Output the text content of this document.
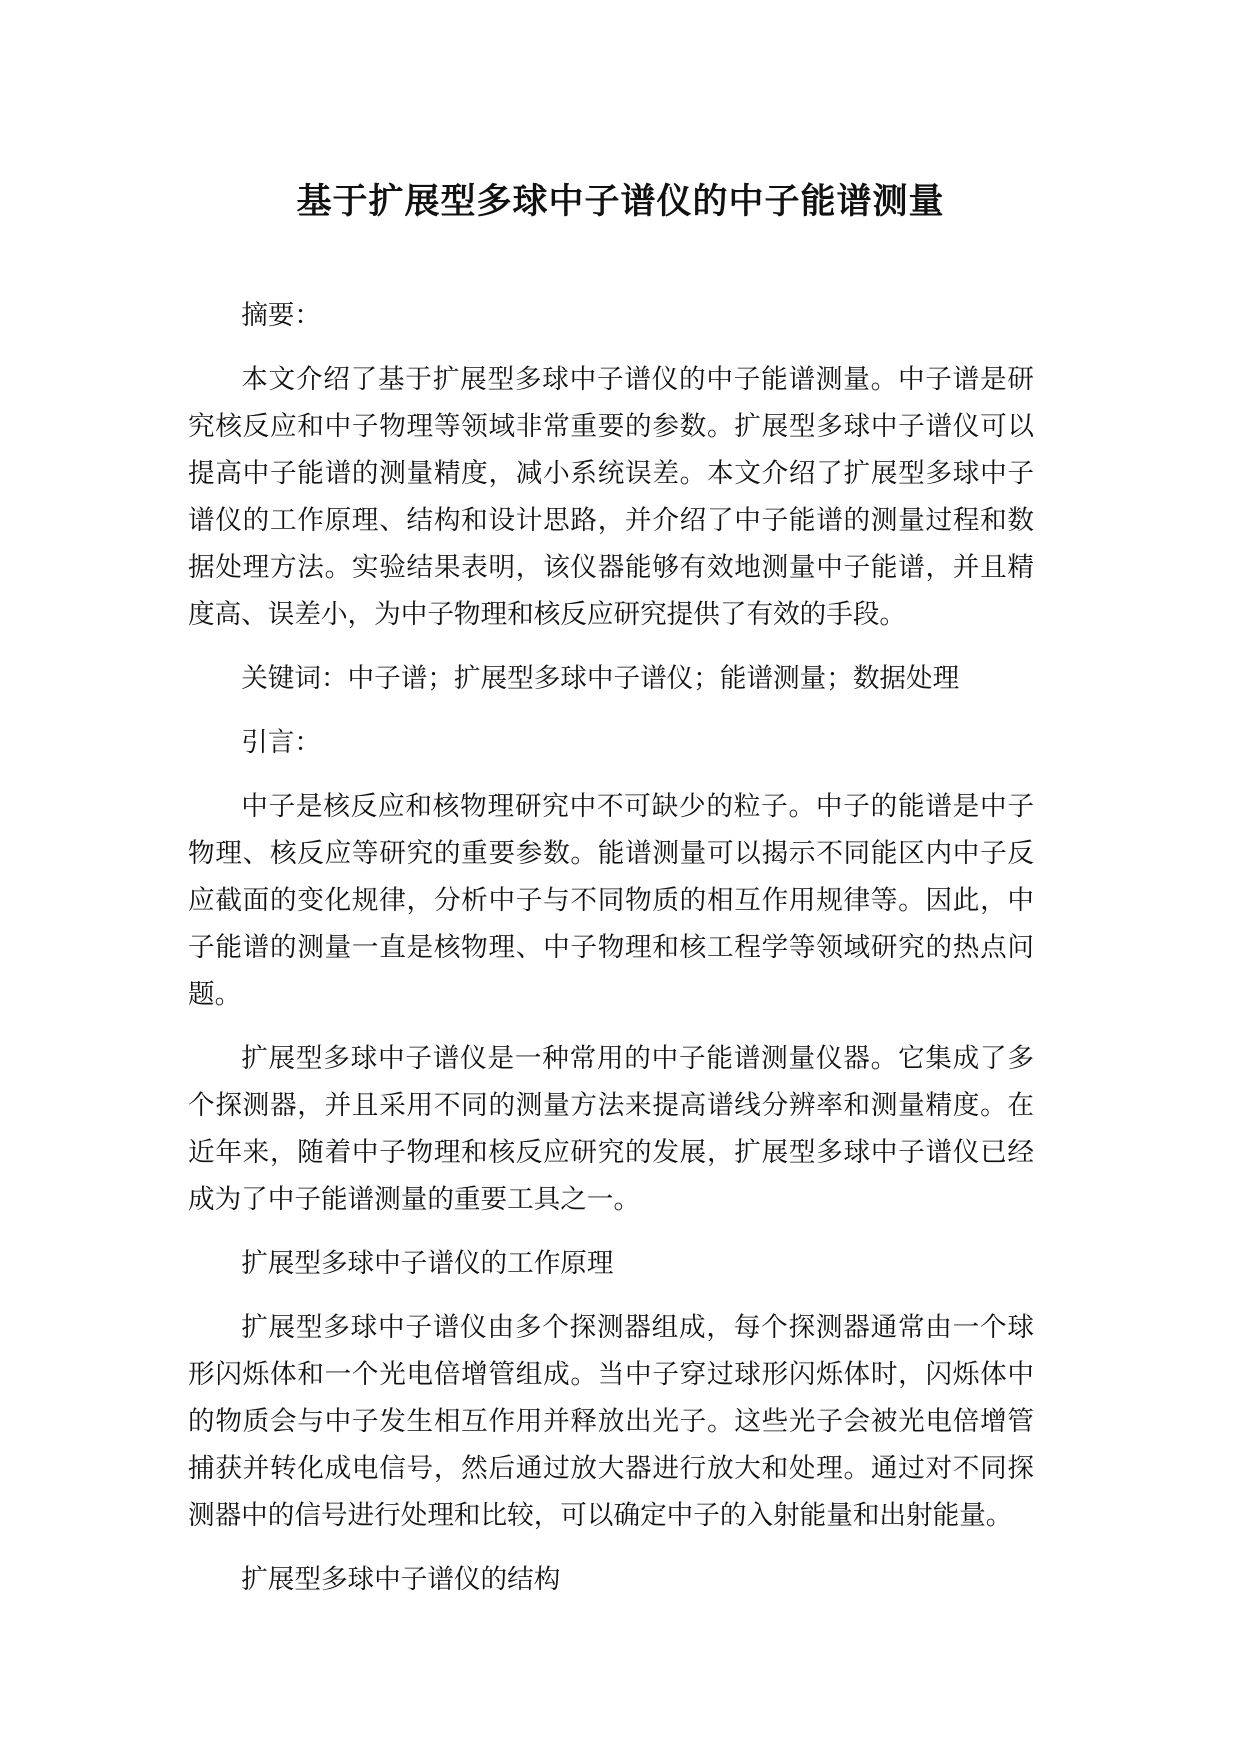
基于扩展型多球中子谱仪的中子能谱测量

摘要：

本文介绍了基于扩展型多球中子谱仪的中子能谱测量。中子谱是研究核反应和中子物理等领域非常重要的参数。扩展型多球中子谱仪可以提高中子能谱的测量精度，减小系统误差。本文介绍了扩展型多球中子谱仪的工作原理、结构和设计思路，并介绍了中子能谱的测量过程和数据处理方法。实验结果表明，该仪器能够有效地测量中子能谱，并且精度高、误差小，为中子物理和核反应研究提供了有效的手段。

关键词：中子谱；扩展型多球中子谱仪；能谱测量；数据处理

引言：

中子是核反应和核物理研究中不可缺少的粒子。中子的能谱是中子物理、核反应等研究的重要参数。能谱测量可以揭示不同能区内中子反应截面的变化规律，分析中子与不同物质的相互作用规律等。因此，中子能谱的测量一直是核物理、中子物理和核工程学等领域研究的热点问题。

扩展型多球中子谱仪是一种常用的中子能谱测量仪器。它集成了多个探测器，并且采用不同的测量方法来提高谱线分辨率和测量精度。在近年来，随着中子物理和核反应研究的发展，扩展型多球中子谱仪已经成为了中子能谱测量的重要工具之一。

扩展型多球中子谱仪的工作原理

扩展型多球中子谱仪由多个探测器组成，每个探测器通常由一个球形闪烁体和一个光电倍增管组成。当中子穿过球形闪烁体时，闪烁体中的物质会与中子发生相互作用并释放出光子。这些光子会被光电倍增管捕获并转化成电信号，然后通过放大器进行放大和处理。通过对不同探测器中的信号进行处理和比较，可以确定中子的入射能量和出射能量。

扩展型多球中子谱仪的结构
